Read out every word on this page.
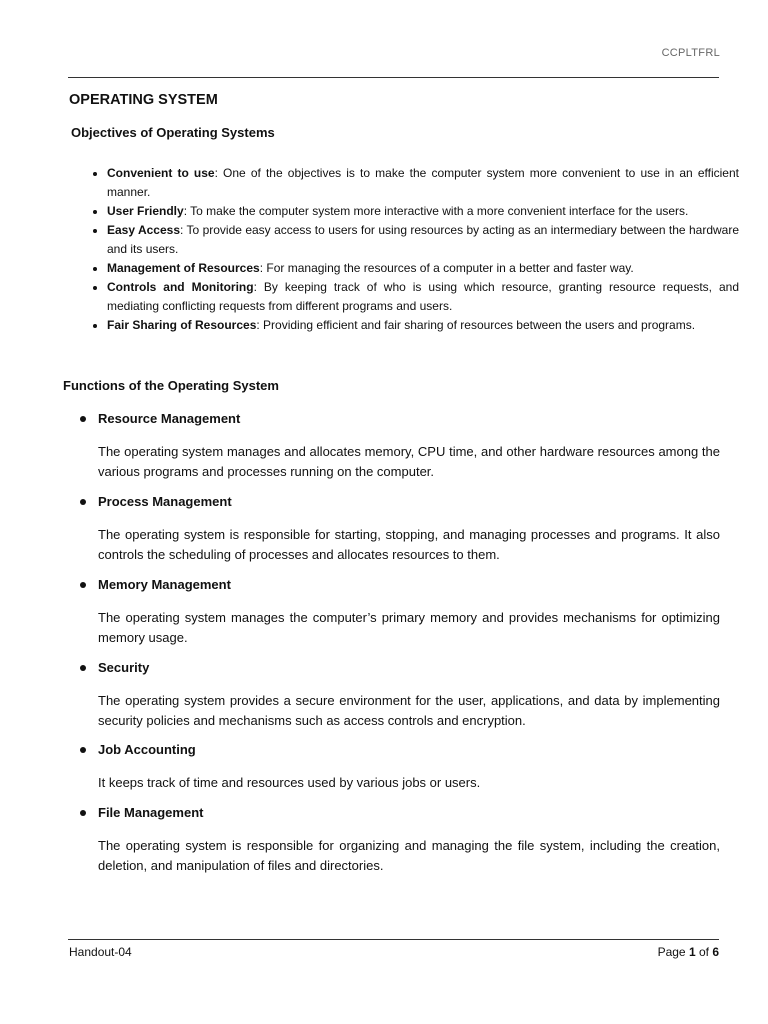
CCPLTFRL
OPERATING SYSTEM
Objectives of Operating Systems
• Convenient to use: One of the objectives is to make the computer system more convenient to use in an efficient manner.
• User Friendly: To make the computer system more interactive with a more convenient interface for the users.
• Easy Access: To provide easy access to users for using resources by acting as an intermediary between the hardware and its users.
• Management of Resources: For managing the resources of a computer in a better and faster way.
• Controls and Monitoring: By keeping track of who is using which resource, granting resource requests, and mediating conflicting requests from different programs and users.
• Fair Sharing of Resources: Providing efficient and fair sharing of resources between the users and programs.
Functions of the Operating System
Resource Management
The operating system manages and allocates memory, CPU time, and other hardware resources among the various programs and processes running on the computer.
Process Management
The operating system is responsible for starting, stopping, and managing processes and programs. It also controls the scheduling of processes and allocates resources to them.
Memory Management
The operating system manages the computer’s primary memory and provides mechanisms for optimizing memory usage.
Security
The operating system provides a secure environment for the user, applications, and data by implementing security policies and mechanisms such as access controls and encryption.
Job Accounting
It keeps track of time and resources used by various jobs or users.
File Management
The operating system is responsible for organizing and managing the file system, including the creation, deletion, and manipulation of files and directories.
Handout-04	Page 1 of 6
